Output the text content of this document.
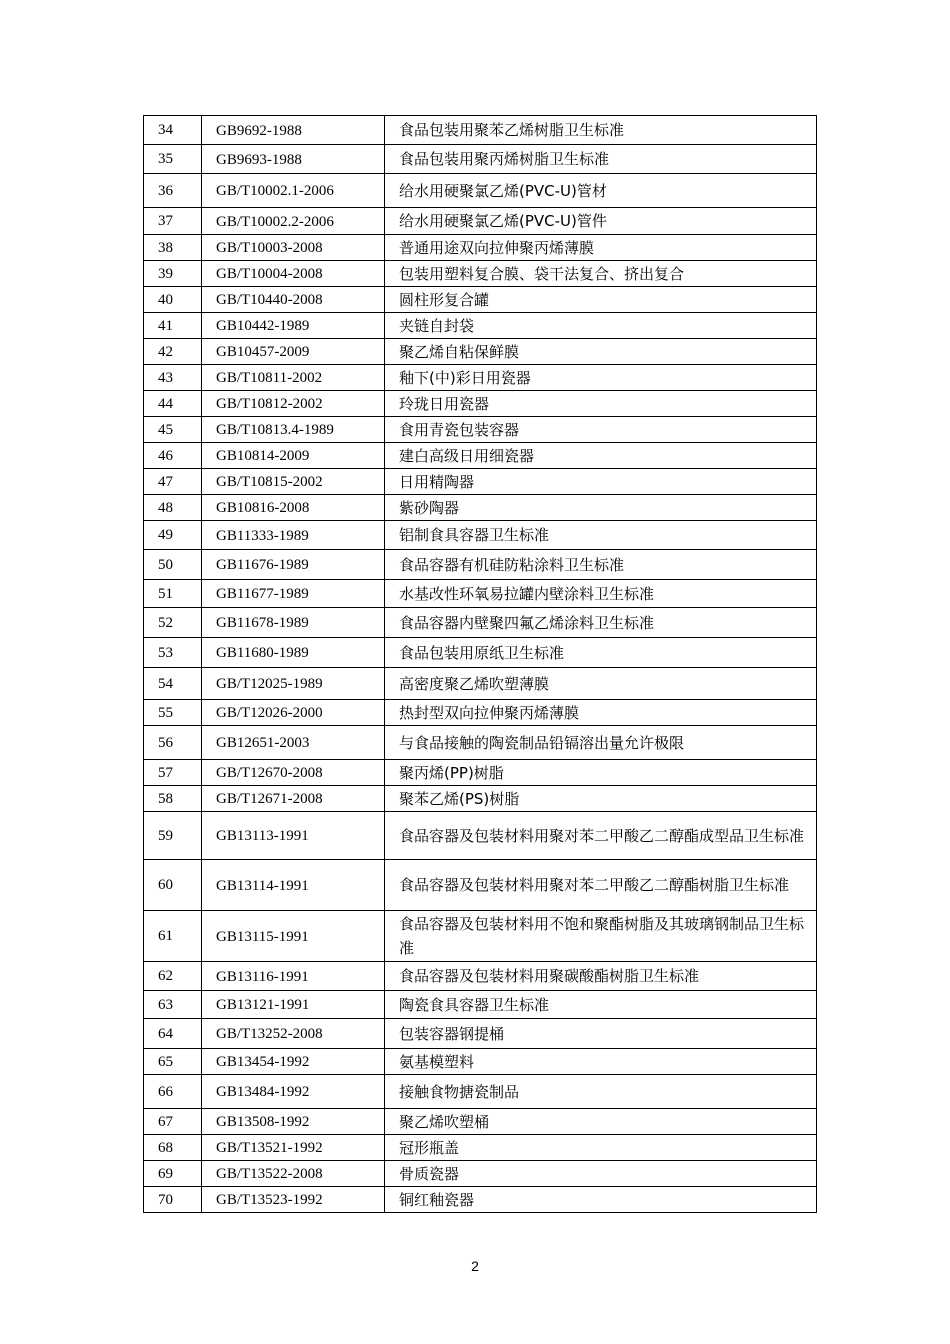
34	GB9692-1988	食品包装用聚苯乙烯树脂卫生标准
35	GB9693-1988	食品包装用聚丙烯树脂卫生标准
36	GB/T10002.1-2006	给水用硬聚氯乙烯(PVC-U)管材
37	GB/T10002.2-2006	给水用硬聚氯乙烯(PVC-U)管件
38	GB/T10003-2008	普通用途双向拉伸聚丙烯薄膜
39	GB/T10004-2008	包装用塑料复合膜、袋干法复合、挤出复合
40	GB/T10440-2008	圆柱形复合罐
41	GB10442-1989	夹链自封袋
42	GB10457-2009	聚乙烯自粘保鲜膜
43	GB/T10811-2002	釉下(中)彩日用瓷器
44	GB/T10812-2002	玲珑日用瓷器
45	GB/T10813.4-1989	食用青瓷包装容器
46	GB10814-2009	建白高级日用细瓷器
47	GB/T10815-2002	日用精陶器
48	GB10816-2008	紫砂陶器
49	GB11333-1989	铝制食具容器卫生标准
50	GB11676-1989	食品容器有机硅防粘涂料卫生标准
51	GB11677-1989	水基改性环氧易拉罐内壁涂料卫生标准
52	GB11678-1989	食品容器内壁聚四氟乙烯涂料卫生标准
53	GB11680-1989	食品包装用原纸卫生标准
54	GB/T12025-1989	高密度聚乙烯吹塑薄膜
55	GB/T12026-2000	热封型双向拉伸聚丙烯薄膜
56	GB12651-2003	与食品接触的陶瓷制品铅镉溶出量允许极限
57	GB/T12670-2008	聚丙烯(PP)树脂
58	GB/T12671-2008	聚苯乙烯(PS)树脂
59	GB13113-1991	食品容器及包装材料用聚对苯二甲酸乙二醇酯成型品卫生标准
60	GB13114-1991	食品容器及包装材料用聚对苯二甲酸乙二醇酯树脂卫生标准
61	GB13115-1991	食品容器及包装材料用不饱和聚酯树脂及其玻璃钢制品卫生标准
62	GB13116-1991	食品容器及包装材料用聚碳酸酯树脂卫生标准
63	GB13121-1991	陶瓷食具容器卫生标准
64	GB/T13252-2008	包装容器钢提桶
65	GB13454-1992	氨基模塑料
66	GB13484-1992	接触食物搪瓷制品
67	GB13508-1992	聚乙烯吹塑桶
68	GB/T13521-1992	冠形瓶盖
69	GB/T13522-2008	骨质瓷器
70	GB/T13523-1992	铜红釉瓷器
2
